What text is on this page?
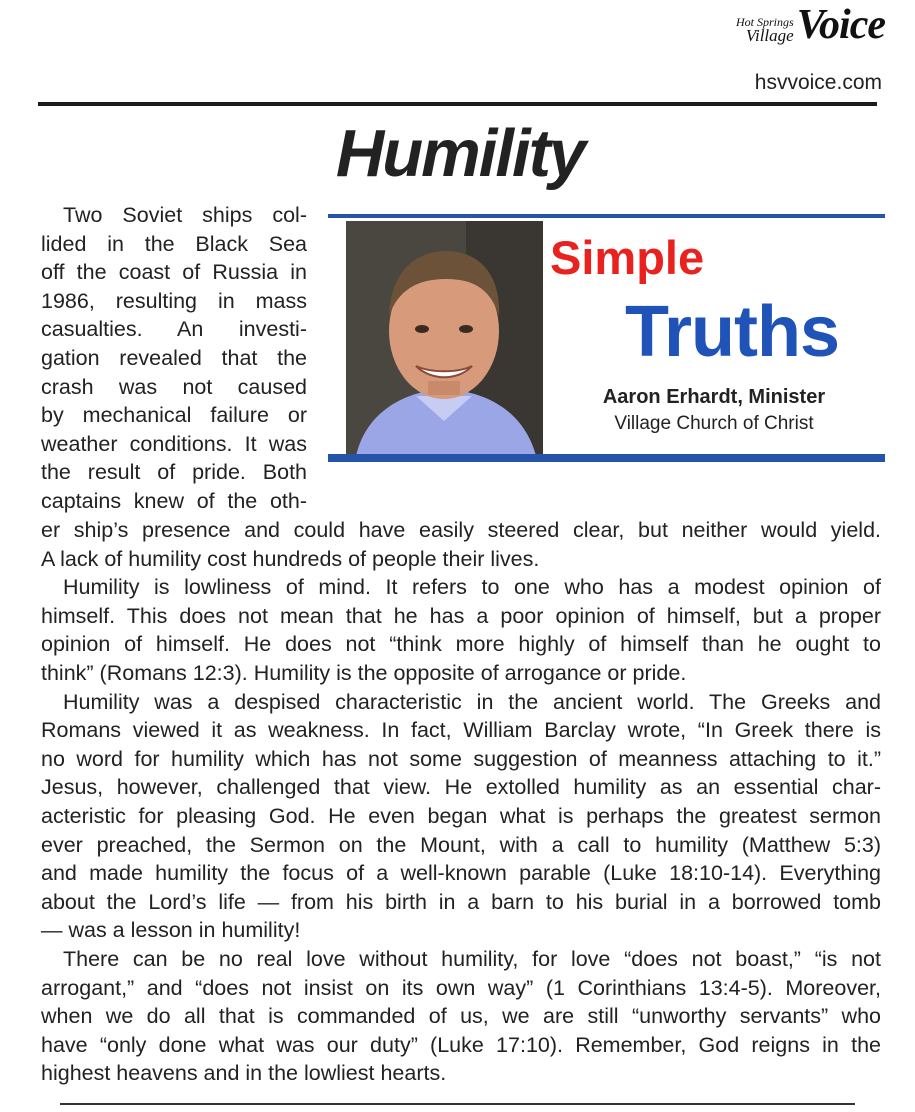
Hot Springs
Village Voice
hsvvoice.com
Humility
Simple
Truths
Aaron Erhardt, Minister
Village Church of Christ
Two Soviet ships col-
lided in the Black Sea
off the coast of Russia in
1986, resulting in mass
casualties. An investi-
gation revealed that the
crash was not caused
by mechanical failure or
weather conditions. It was
the result of pride. Both
captains knew of the oth-
er ship’s presence and could have easily steered clear, but neither would yield.
A lack of humility cost hundreds of people their lives.
Humility is lowliness of mind. It refers to one who has a modest opinion of
himself. This does not mean that he has a poor opinion of himself, but a proper
opinion of himself. He does not “think more highly of himself than he ought to
think” (Romans 12:3). Humility is the opposite of arrogance or pride.
Humility was a despised characteristic in the ancient world. The Greeks and
Romans viewed it as weakness. In fact, William Barclay wrote, “In Greek there is
no word for humility which has not some suggestion of meanness attaching to it.”
Jesus, however, challenged that view. He extolled humility as an essential char-
acteristic for pleasing God. He even began what is perhaps the greatest sermon
ever preached, the Sermon on the Mount, with a call to humility (Matthew 5:3)
and made humility the focus of a well-known parable (Luke 18:10-14). Everything
about the Lord’s life — from his birth in a barn to his burial in a borrowed tomb
— was a lesson in humility!
There can be no real love without humility, for love “does not boast,” “is not
arrogant,” and “does not insist on its own way” (1 Corinthians 13:4-5). Moreover,
when we do all that is commanded of us, we are still “unworthy servants” who
have “only done what was our duty” (Luke 17:10). Remember, God reigns in the
highest heavens and in the lowliest hearts.
